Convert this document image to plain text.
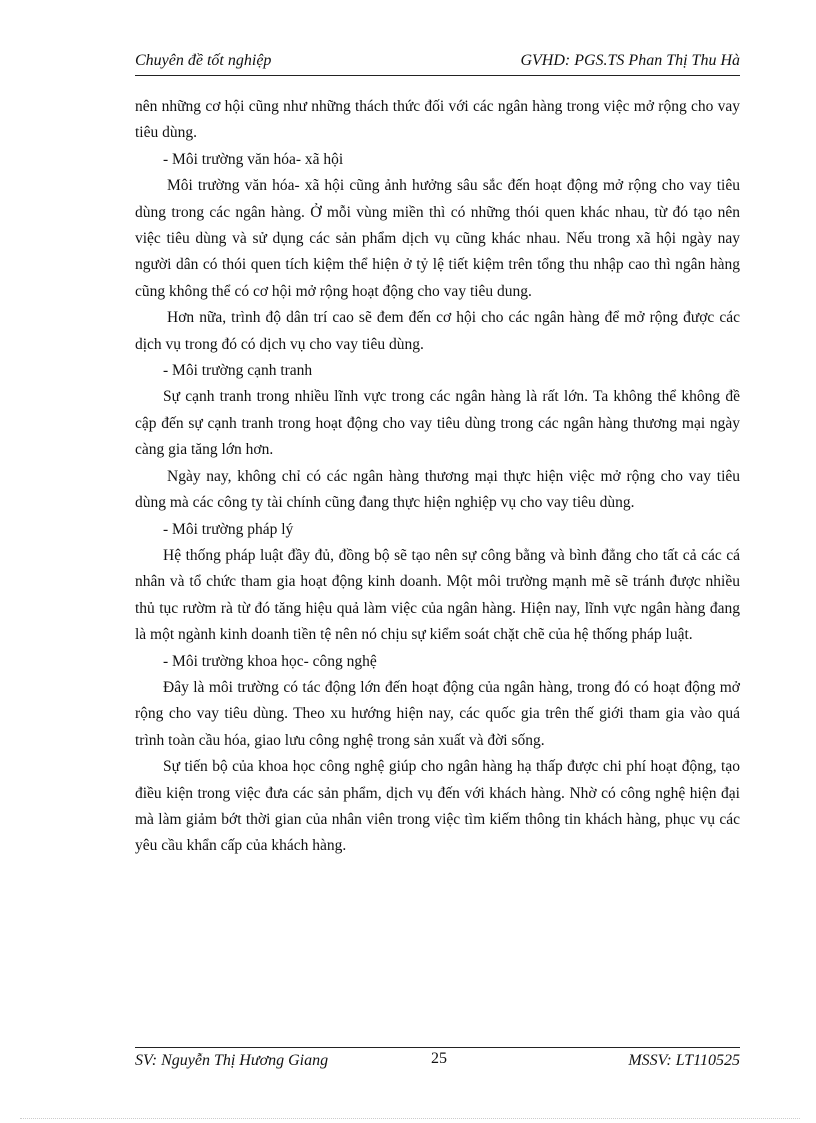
Chuyên đề tốt nghiệp	GVHD: PGS.TS Phan Thị Thu Hà

nên những cơ hội cũng như những thách thức đối với các ngân hàng trong việc mở rộng cho vay tiêu dùng.

- Môi trường văn hóa- xã hội

Môi trường văn hóa- xã hội cũng ảnh hưởng sâu sắc đến hoạt động mở rộng cho vay tiêu dùng trong các ngân hàng. Ở mỗi vùng miền thì có những thói quen khác nhau, từ đó tạo nên việc tiêu dùng và sử dụng các sản phẩm dịch vụ cũng khác nhau. Nếu trong xã hội ngày nay người dân có thói quen tích kiệm thể hiện ở tỷ lệ tiết kiệm trên tổng thu nhập cao thì ngân hàng cũng không thể có cơ hội mở rộng hoạt động cho vay tiêu dung.

Hơn nữa, trình độ dân trí cao sẽ đem đến cơ hội cho các ngân hàng để mở rộng được các dịch vụ trong đó có dịch vụ cho vay tiêu dùng.

- Môi trường cạnh tranh

Sự cạnh tranh trong nhiều lĩnh vực trong các ngân hàng là rất lớn. Ta không thể không đề cập đến sự cạnh tranh trong hoạt động cho vay tiêu dùng trong các ngân hàng thương mại ngày càng gia tăng lớn hơn.

Ngày nay, không chỉ có các ngân hàng thương mại thực hiện việc mở rộng cho vay tiêu dùng mà các công ty tài chính cũng đang thực hiện nghiệp vụ cho vay tiêu dùng.

- Môi trường pháp lý

Hệ thống pháp luật đầy đủ, đồng bộ sẽ tạo nên sự công bằng và bình đẳng cho tất cả các cá nhân và tổ chức tham gia hoạt động kinh doanh. Một môi trường mạnh mẽ sẽ tránh được nhiều thủ tục rườm rà từ đó tăng hiệu quả làm việc của ngân hàng. Hiện nay, lĩnh vực ngân hàng đang là một ngành kinh doanh tiền tệ nên nó chịu sự kiểm soát chặt chẽ của hệ thống pháp luật.

- Môi trường khoa học- công nghệ

Đây là môi trường có tác động lớn đến hoạt động của ngân hàng, trong đó có hoạt động mở rộng cho vay tiêu dùng. Theo xu hướng hiện nay, các quốc gia trên thế giới tham gia vào quá trình toàn cầu hóa, giao lưu công nghệ trong sản xuất và đời sống.

Sự tiến bộ của khoa học công nghệ giúp cho ngân hàng hạ thấp được chi phí hoạt động, tạo điều kiện trong việc đưa các sản phẩm, dịch vụ đến với khách hàng. Nhờ có công nghệ hiện đại mà làm giảm bớt thời gian của nhân viên trong việc tìm kiếm thông tin khách hàng, phục vụ các yêu cầu khẩn cấp của khách hàng.

SV: Nguyễn Thị Hương Giang	25	MSSV: LT110525
